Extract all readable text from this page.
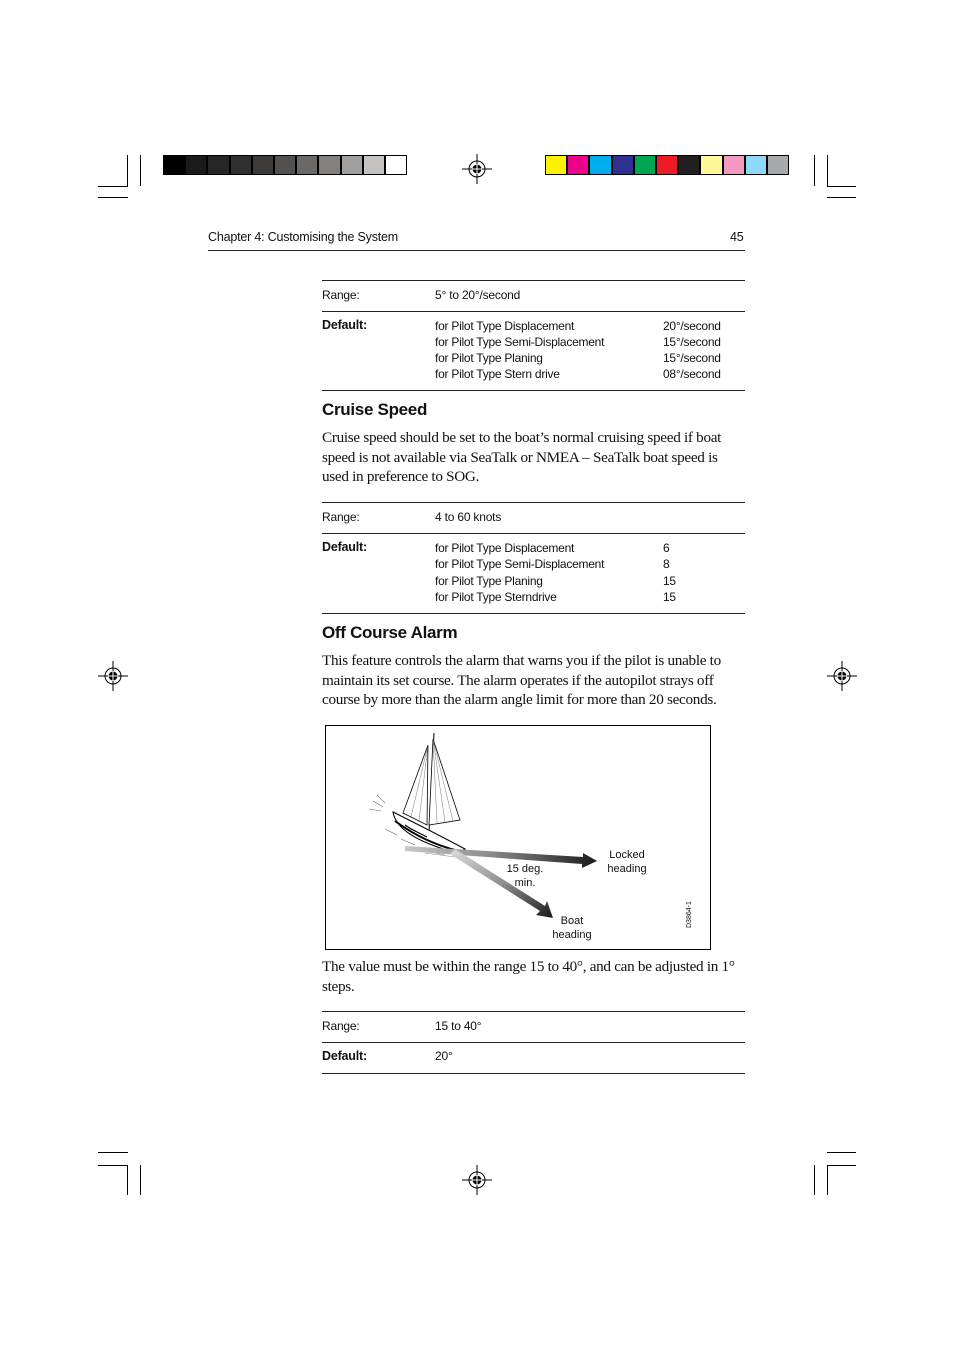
Chapter 4: Customising the System	45
Range:	5° to 20°/second
Default:	for Pilot Type Displacement	20°/second
for Pilot Type Semi-Displacement	15°/second
for Pilot Type Planing	15°/second
for Pilot Type Stern drive	08°/second
Cruise Speed
Cruise speed should be set to the boat’s normal cruising speed if boat speed is not available via SeaTalk or NMEA – SeaTalk boat speed is used in preference to SOG.
Range:	4 to 60 knots
Default:	for Pilot Type Displacement	6
for Pilot Type Semi-Displacement	8
for Pilot Type Planing	15
for Pilot Type Sterndrive	15
Off Course Alarm
This feature controls the alarm that warns you if the pilot is unable to maintain its set course. The alarm operates if the autopilot strays off course by more than the alarm angle limit for more than 20 seconds.
Locked
heading
15 deg.
min.
Boat
heading
D3864-1
The value must be within the range 15 to 40°, and can be adjusted in 1° steps.
Range:	15 to 40°
Default:	20°
